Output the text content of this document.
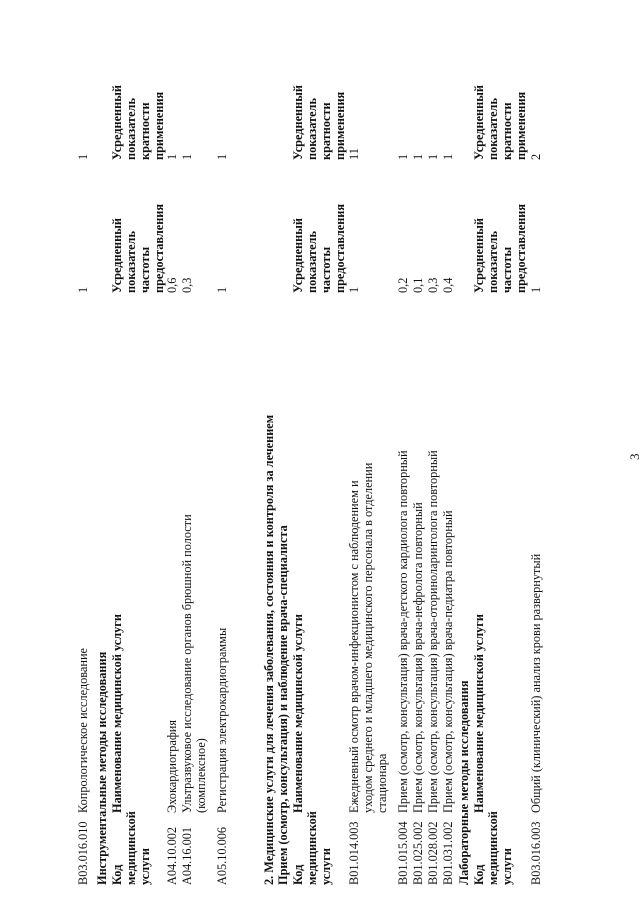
3
B03.016.010
Копрологическое исследование
1
1
Инструментальные методы исследования Код медицинской услуги
Наименование медицинской услуги
Усредненный показатель частоты предоставления
Усредненный показатель кратности применения
A04.10.002
Эхокардиография
0,6
1
A04.16.001
Ультразвуковое исследование органов брюшной полости (комплексное)
0,3
1
A05.10.006
Регистрация электрокардиограммы
1
1
2. Медицинские услуги для лечения заболевания, состояния и контроля за лечением Прием (осмотр, консультация) и наблюдение врача-специалиста Код медицинской услуги
Наименование медицинской услуги
Усредненный показатель частоты предоставления
Усредненный показатель кратности применения
B01.014.003
Ежедневный осмотр врачом-инфекционистом с наблюдением и уходом среднего и младшего медицинского персонала в отделении стационара
1
11
B01.015.004
Прием (осмотр, консультация) врача-детского кардиолога повторный
0,2
1
B01.025.002
Прием (осмотр, консультация) врача-нефролога повторный
0,1
1
B01.028.002
Прием (осмотр, консультация) врача-оториноларинголога повторный
0,3
1
B01.031.002
Прием (осмотр, консультация) врача-педиатра повторный
0,4
1
Лабораторные методы исследования Код медицинской услуги
Наименование медицинской услуги
Усредненный показатель частоты предоставления
Усредненный показатель кратности применения
B03.016.003
Общий (клинический) анализ крови развернутый
1
2
